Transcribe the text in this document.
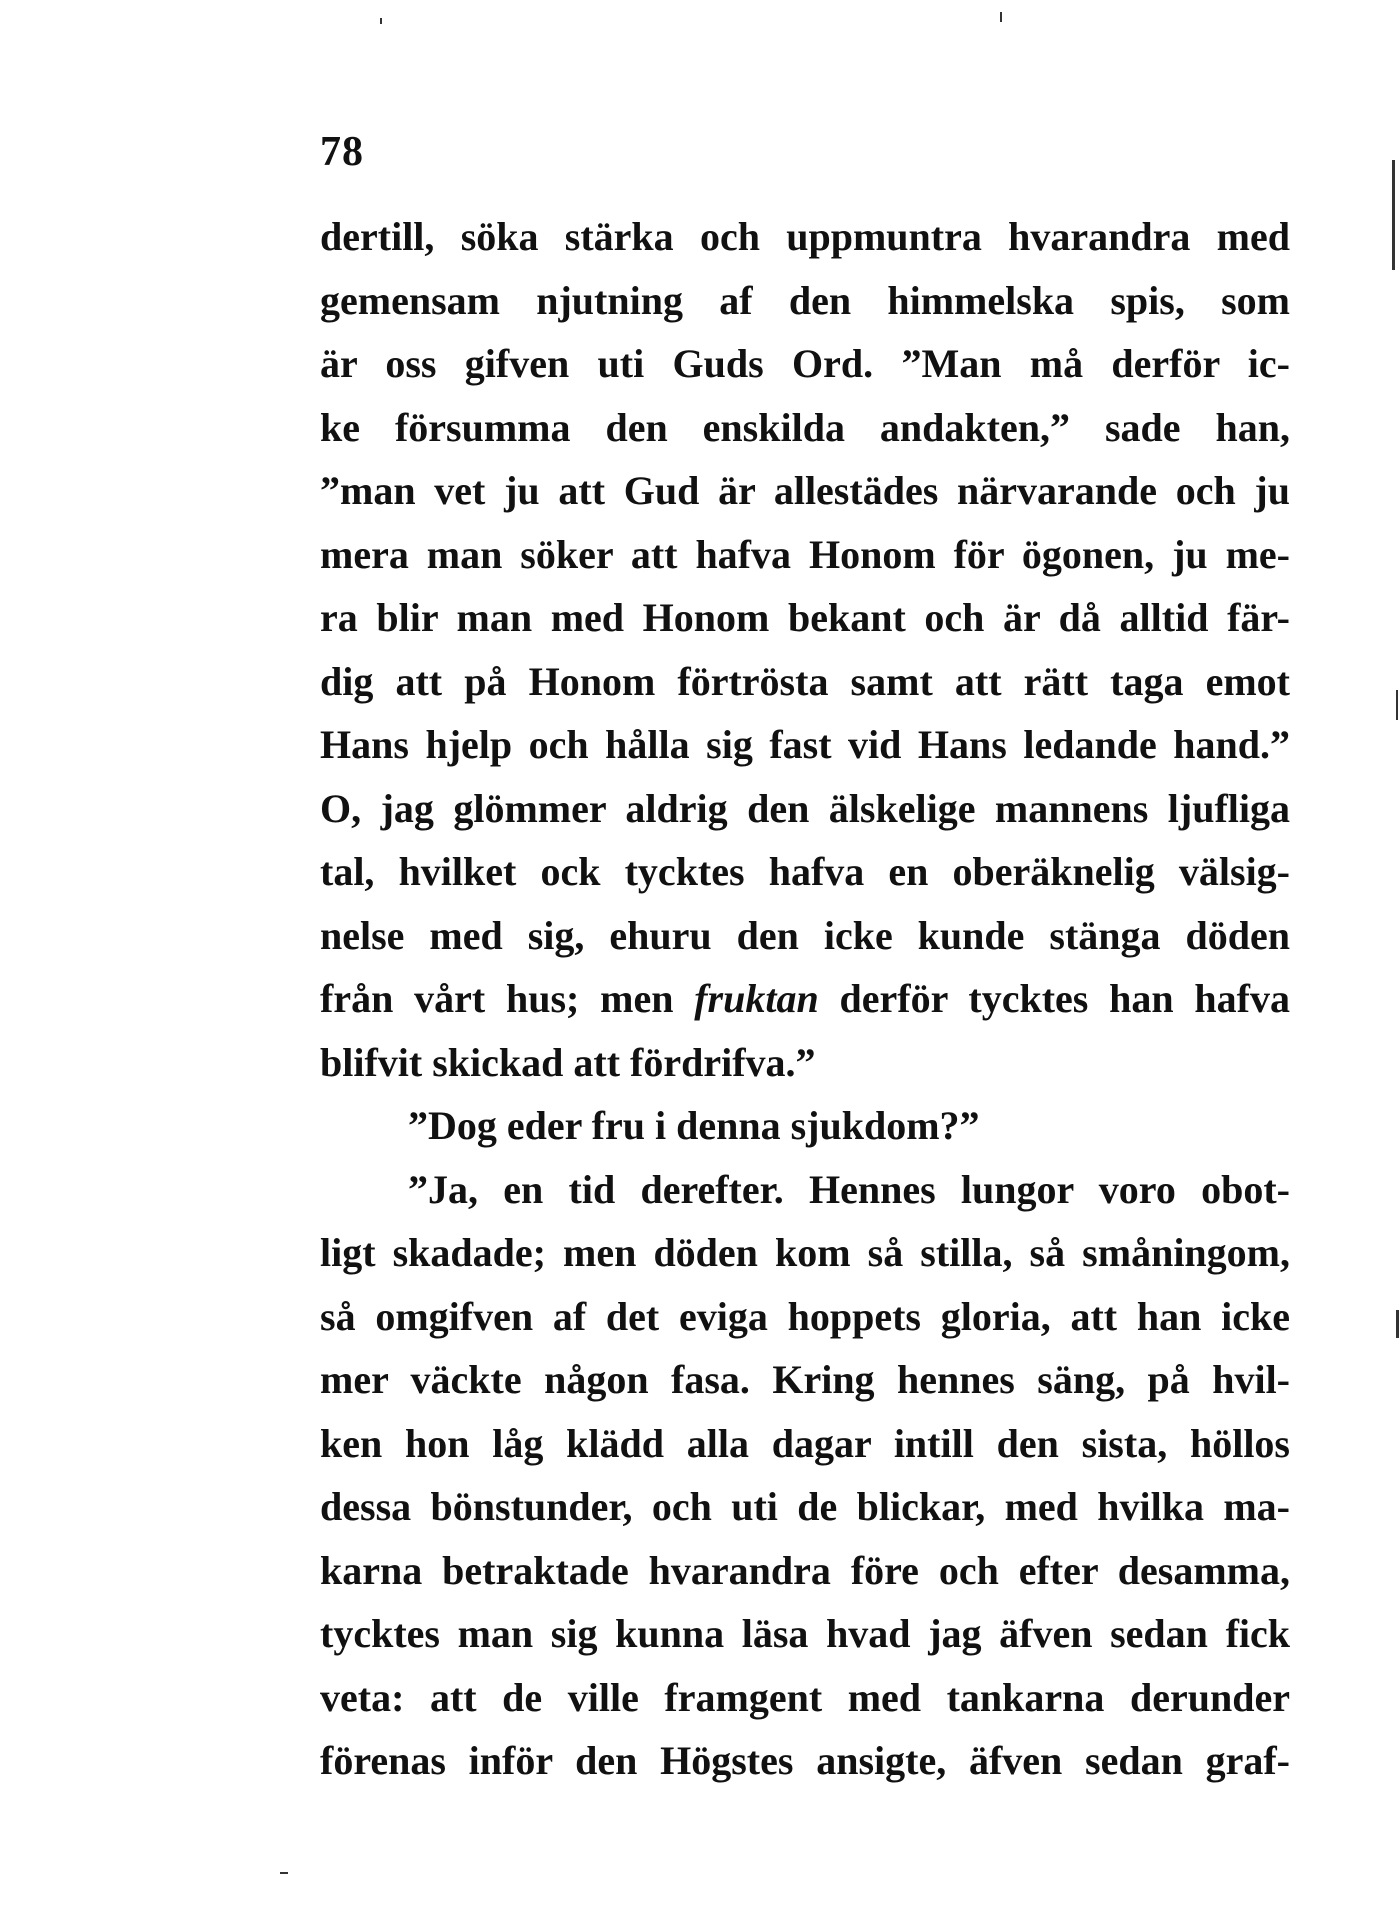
78
dertill, söka stärka och uppmuntra hvarandra med
gemensam njutning af den himmelska spis, som
är oss gifven uti Guds Ord. ”Man må derför ic-
ke försumma den enskilda andakten,” sade han,
”man vet ju att Gud är allestädes närvarande och ju
mera man söker att hafva Honom för ögonen, ju me-
ra blir man med Honom bekant och är då alltid fär-
dig att på Honom förtrösta samt att rätt taga emot
Hans hjelp och hålla sig fast vid Hans ledande hand.”
O, jag glömmer aldrig den älskelige mannens ljufliga
tal, hvilket ock tycktes hafva en oberäknelig välsig-
nelse med sig, ehuru den icke kunde stänga döden
från vårt hus; men fruktan derför tycktes han hafva
blifvit skickad att fördrifva.”
”Dog eder fru i denna sjukdom?”
”Ja, en tid derefter. Hennes lungor voro obot-
ligt skadade; men döden kom så stilla, så småningom,
så omgifven af det eviga hoppets gloria, att han icke
mer väckte någon fasa. Kring hennes säng, på hvil-
ken hon låg klädd alla dagar intill den sista, höllos
dessa bönstunder, och uti de blickar, med hvilka ma-
karna betraktade hvarandra före och efter desamma,
tycktes man sig kunna läsa hvad jag äfven sedan fick
veta: att de ville framgent med tankarna derunder
förenas inför den Högstes ansigte, äfven sedan graf-
